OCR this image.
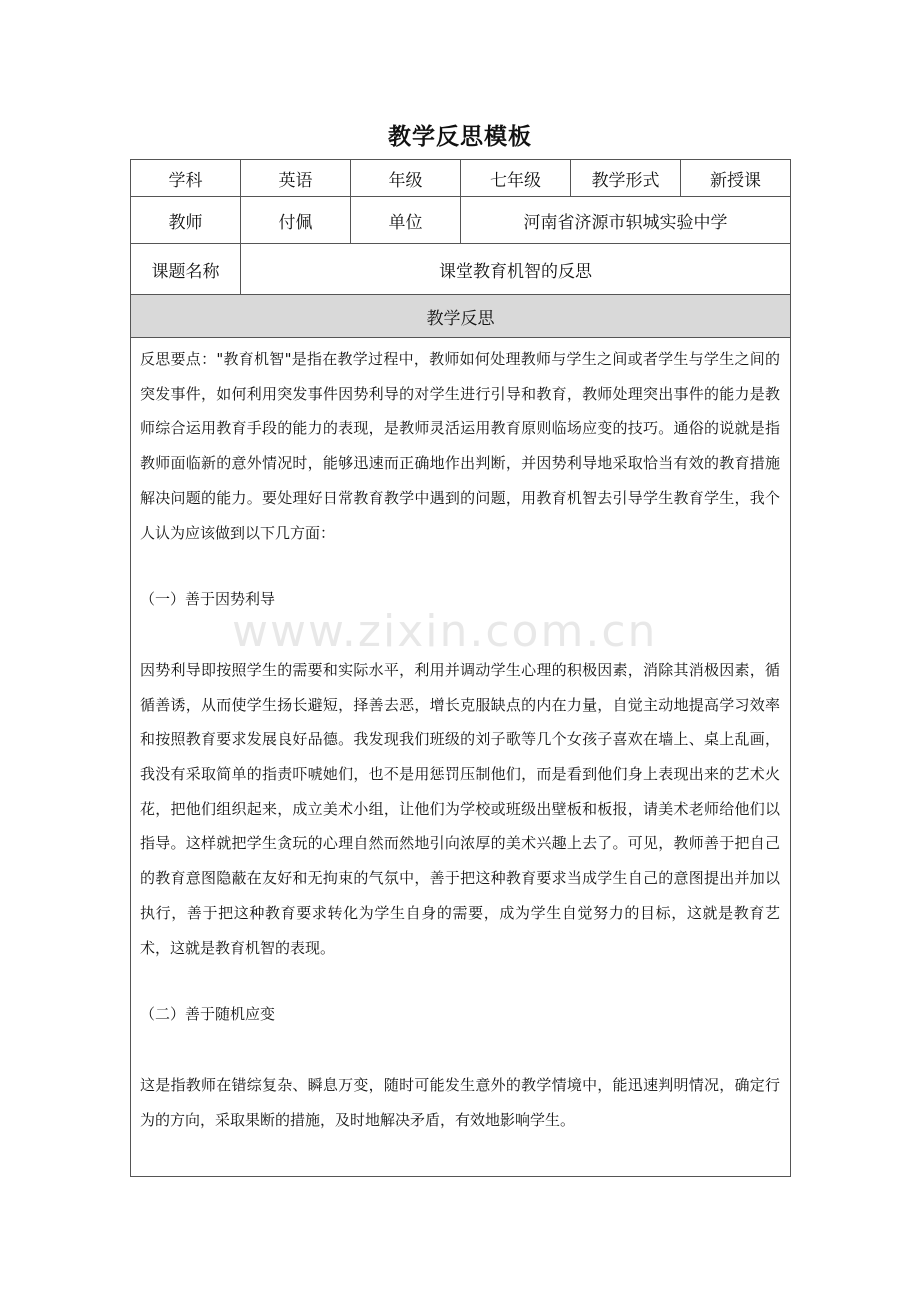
教学反思模板
学科	英语	年级	七年级	教学形式	新授课
教师	付佩	单位	河南省济源市轵城实验中学		
课题名称	课堂教育机智的反思				
教学反思					

反思要点："教育机智"是指在教学过程中，教师如何处理教师与学生之间或者学生与学生之间的突发事件，如何利用突发事件因势利导的对学生进行引导和教育，教师处理突出事件的能力是教师综合运用教育手段的能力的表现，是教师灵活运用教育原则临场应变的技巧。通俗的说就是指教师面临新的意外情况时，能够迅速而正确地作出判断，并因势利导地采取恰当有效的教育措施解决问题的能力。要处理好日常教育教学中遇到的问题，用教育机智去引导学生教育学生，我个人认为应该做到以下几方面：

（一）善于因势利导

因势利导即按照学生的需要和实际水平，利用并调动学生心理的积极因素，消除其消极因素，循循善诱，从而使学生扬长避短，择善去恶，增长克服缺点的内在力量，自觉主动地提高学习效率和按照教育要求发展良好品德。我发现我们班级的刘子歌等几个女孩子喜欢在墙上、桌上乱画，我没有采取简单的指责吓唬她们，也不是用惩罚压制他们，而是看到他们身上表现出来的艺术火花，把他们组织起来，成立美术小组，让他们为学校或班级出壁板和板报，请美术老师给他们以指导。这样就把学生贪玩的心理自然而然地引向浓厚的美术兴趣上去了。可见，教师善于把自己的教育意图隐蔽在友好和无拘束的气氛中，善于把这种教育要求当成学生自己的意图提出并加以执行，善于把这种教育要求转化为学生自身的需要，成为学生自觉努力的目标，这就是教育艺术，这就是教育机智的表现。

（二）善于随机应变

这是指教师在错综复杂、瞬息万变，随时可能发生意外的教学情境中，能迅速判明情况，确定行为的方向，采取果断的措施，及时地解决矛盾，有效地影响学生。					

www.zixin.com.cn
